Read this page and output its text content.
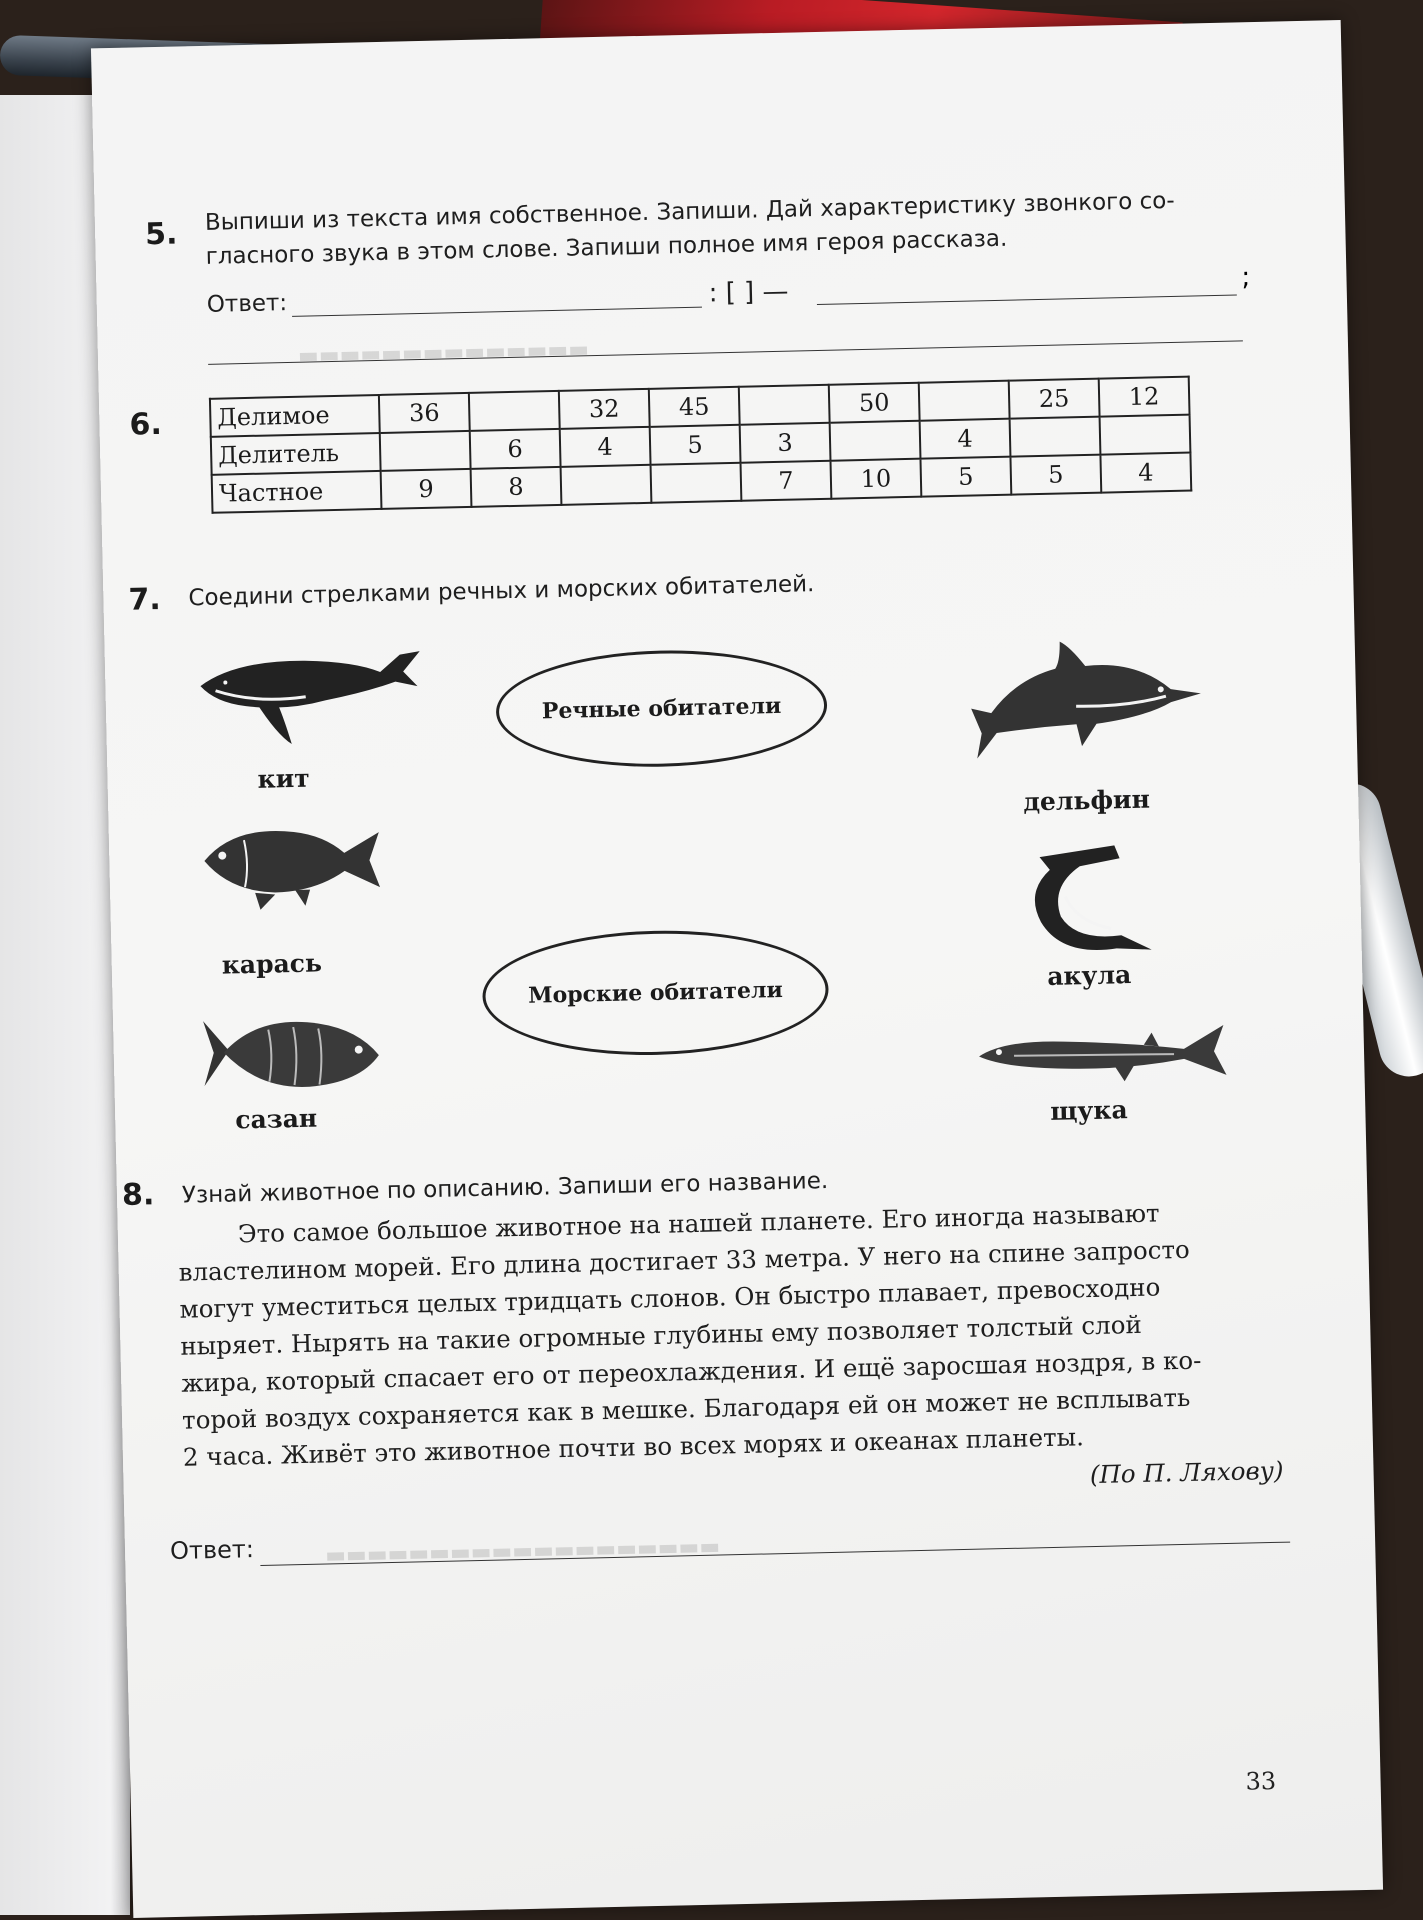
▬▬▬▬▬▬▬▬▬▬▬▬▬▬
▬▬▬▬▬▬▬▬▬▬▬▬▬▬▬▬▬▬▬
5. Выпиши из текста имя собственное. Запиши. Дай характеристику звонкого со-
гласного звука в этом слове. Запиши полное имя героя рассказа.
Ответ:	: [ ] —	;
6. Делимое	36		32	45		50		25	12
Делитель		6	4	5	3		4		
Частное	9	8			7	10	5	5	4
7. Соедини стрелками речных и морских обитателей.
Речные обитатели
Морские обитатели
кит
карась
сазан
дельфин
акула
щука
8. Узнай животное по описанию. Запиши его название.
Это самое большое животное на нашей планете. Его иногда называют
властелином морей. Его длина достигает 33 метра. У него на спине запросто
могут уместиться целых тридцать слонов. Он быстро плавает, превосходно
ныряет. Нырять на такие огромные глубины ему позволяет толстый слой
жира, который спасает его от переохлаждения. И ещё заросшая ноздря, в ко-
торой воздух сохраняется как в мешке. Благодаря ей он может не всплывать
2 часа. Живёт это животное почти во всех морях и океанах планеты.
(По П. Ляхову)
Ответ:
33
